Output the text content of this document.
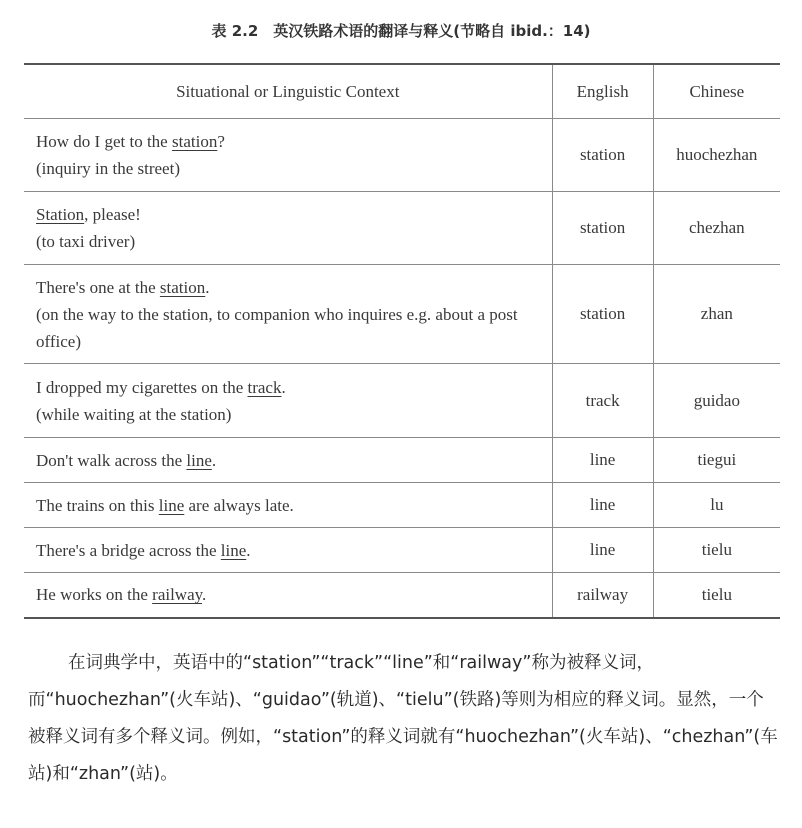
表 2.2　英汉铁路术语的翻译与释义(节略自 ibid.：14)
Situational or Linguistic Context	English	Chinese

How do I get to the station?
(inquiry in the street)	station	huochezhan

Station, please!
(to taxi driver)	station	chezhan

There's one at the station.
(on the way to the station, to companion who inquires e.g. about a post office)	station	zhan

I dropped my cigarettes on the track.
(while waiting at the station)	track	guidao

Don't walk across the line.	line	tiegui

The trains on this line are always late.	line	lu

There's a bridge across the line.	line	tielu

He works on the railway.	railway	tielu

在词典学中，英语中的“station”“track”“line”和“railway”称为被释义词，而“huochezhan”(火车站)、“guidao”(轨道)、“tielu”(铁路)等则为相应的释义词。显然，一个被释义词有多个释义词。例如，“station”的释义词就有“huochezhan”(火车站)、“chezhan”(车站)和“zhan”(站)。
